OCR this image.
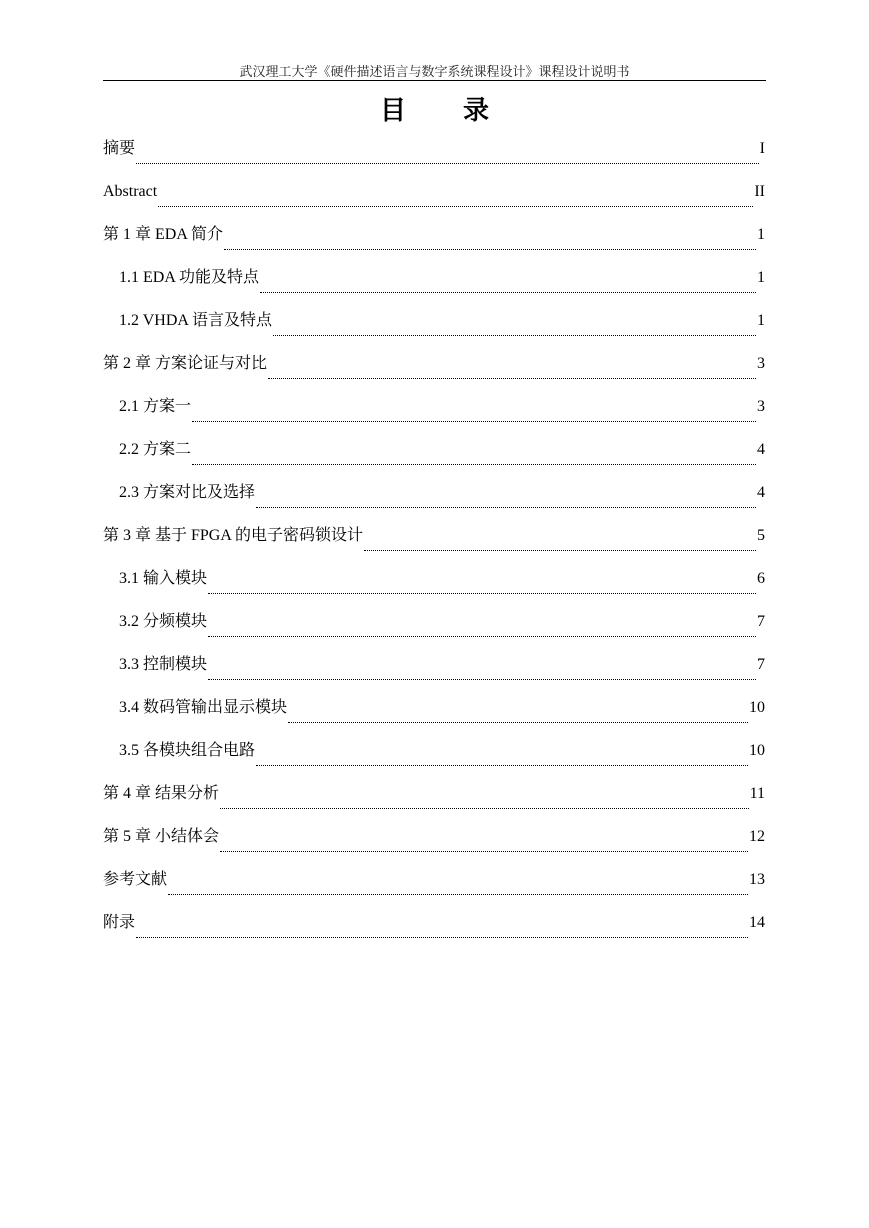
武汉理工大学《硬件描述语言与数字系统课程设计》课程设计说明书
目 录
摘要	I
Abstract	II
第 1 章 EDA 简介	1
1.1 EDA 功能及特点	1
1.2 VHDA 语言及特点	1
第 2 章 方案论证与对比	3
2.1 方案一	3
2.2 方案二	4
2.3 方案对比及选择	4
第 3 章 基于 FPGA 的电子密码锁设计	5
3.1 输入模块	6
3.2 分频模块	7
3.3 控制模块	7
3.4 数码管输出显示模块	10
3.5 各模块组合电路	10
第 4 章 结果分析	11
第 5 章 小结体会	12
参考文献	13
附录	14
